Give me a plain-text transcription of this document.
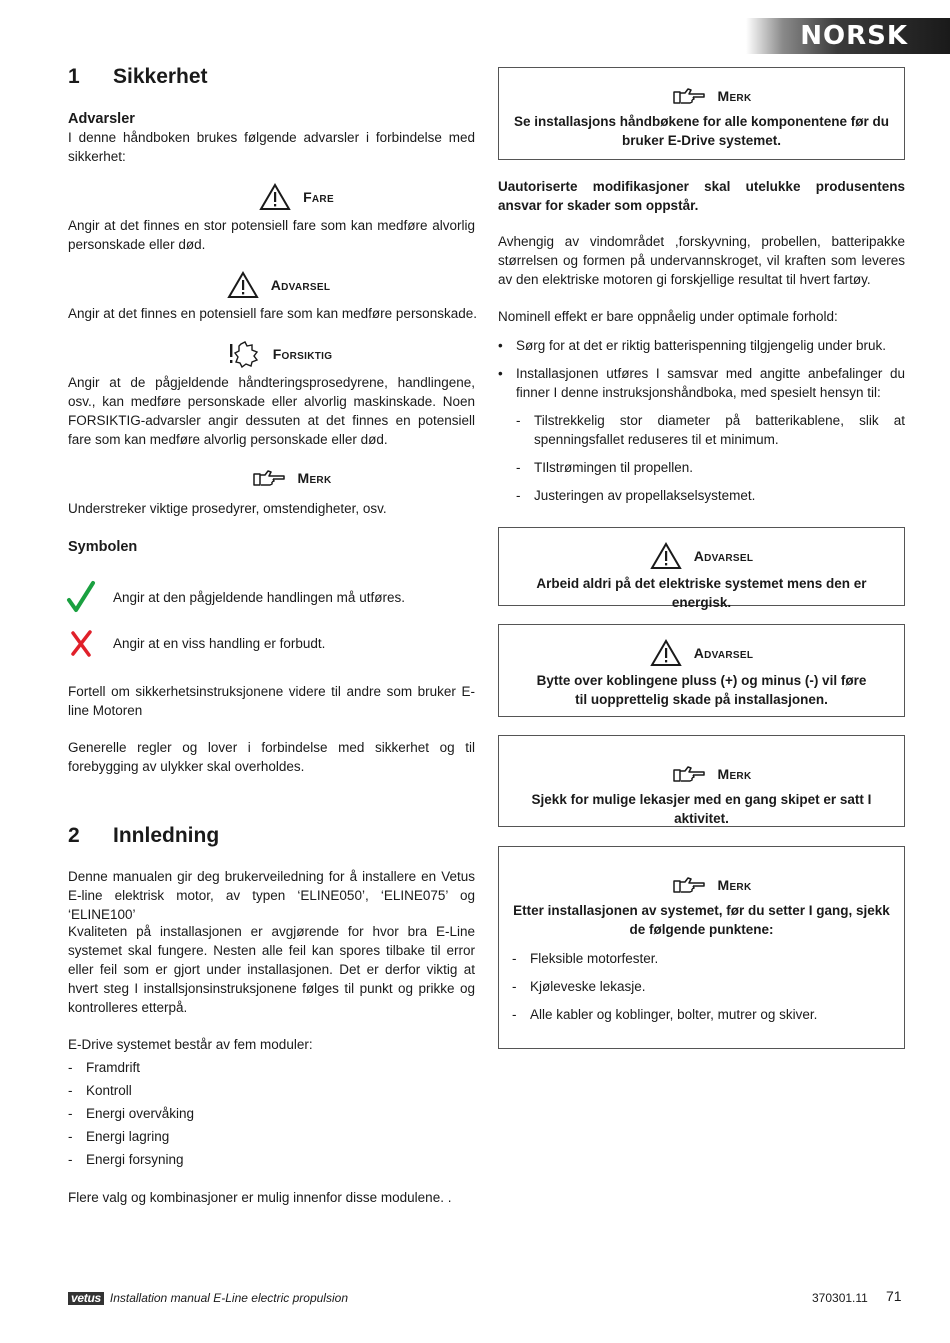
NORSK
1 Sikkerhet
Advarsler
I denne håndboken brukes følgende advarsler i forbindelse med sikkerhet:
Fare
Angir at det finnes en stor potensiell fare som kan medføre alvorlig personskade eller død.
Advarsel
Angir at det finnes en potensiell fare som kan medføre personskade.
Forsiktig
Angir at de pågjeldende håndteringsprosedyrene, handlingene, osv., kan medføre personskade eller alvorlig maskinskade. Noen FORSIKTIG-advarsler angir dessuten at det finnes en potensiell fare som kan medføre alvorlig personskade eller død.
Merk
Understreker viktige prosedyrer, omstendigheter, osv.
Symbolen
Angir at den pågjeldende handlingen må utføres.
Angir at en viss handling er forbudt.
Fortell om sikkerhetsinstruksjonene videre til andre som bruker E-line Motoren
Generelle regler og lover i forbindelse med sikkerhet og til forebygging av ulykker skal overholdes.
2 Innledning
Denne manualen gir deg brukerveiledning for å installere en Vetus E-line elektrisk motor, av typen ‘ELINE050’, ‘ELINE075’ og ‘ELINE100’
Kvaliteten på installasjonen er avgjørende for hvor bra E-Line systemet skal fungere. Nesten alle feil kan spores tilbake til error eller feil som er gjort under installasjonen. Det er derfor viktig at hvert steg I installsjonsinstruksjonene følges til punkt og prikke og kontrolleres etterpå.
E-Drive systemet består av fem moduler:
- Framdrift
- Kontroll
- Energi overvåking
- Energi lagring
- Energi forsyning
Flere valg og kombinasjoner er mulig innenfor disse modulene. .
Merk
Se installasjons håndbøkene for alle komponentene før du bruker E-Drive systemet.
Uautoriserte modifikasjoner skal utelukke produsentens ansvar for skader som oppstår.
Avhengig av vindområdet ,forskyvning, probellen, batteripakke størrelsen og formen på undervannskroget, vil kraften som leveres av den elektriske motoren gi forskjellige resultat til hvert fartøy.
Nominell effekt er bare oppnåelig under optimale forhold:
• Sørg for at det er riktig batterispenning tilgjengelig under bruk.
• Installasjonen utføres I samsvar med angitte anbefalinger du finner I denne instruksjonshåndboka, med spesielt hensyn til:
- Tilstrekkelig stor diameter på batterikablene, slik at spenningsfallet reduseres til et minimum.
- TIlstrømingen til propellen.
- Justeringen av propellakselsystemet.
Advarsel
Arbeid aldri på det elektriske systemet mens den er energisk.
Advarsel
Bytte over koblingene pluss (+) og minus (-) vil føre til uopprettelig skade på installasjonen.
Merk
Sjekk for mulige lekasjer med en gang skipet er satt I aktivitet.
Merk
Etter installasjonen av systemet, før du setter I gang, sjekk de følgende punktene:
- Fleksible motorfester.
- Kjøleveske lekasje.
- Alle kabler og koblinger, bolter, mutrer og skiver.
vetus Installation manual E-Line electric propulsion	370301.11 71
